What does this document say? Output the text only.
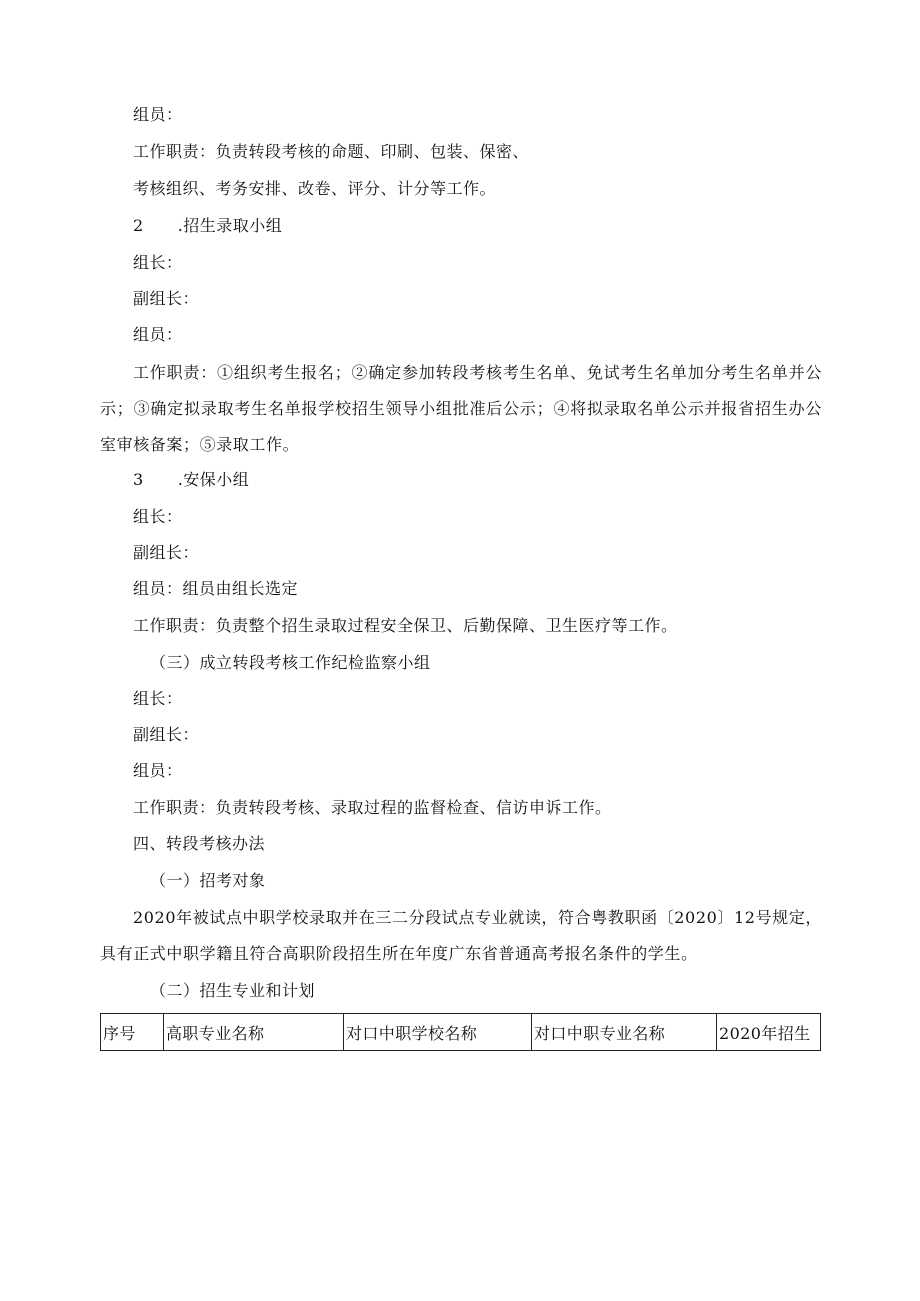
组员：
工作职责：负责转段考核的命题、印刷、包装、保密、
考核组织、考务安排、改卷、评分、计分等工作。
2	.招生录取小组
组长：
副组长：
组员：
工作职责：①组织考生报名；②确定参加转段考核考生名单、免试考生名单加分考生名单并公示；③确定拟录取考生名单报学校招生领导小组批准后公示；④将拟录取名单公示并报省招生办公室审核备案；⑤录取工作。
3	.安保小组
组长：
副组长：
组员：组员由组长选定
工作职责：负责整个招生录取过程安全保卫、后勤保障、卫生医疗等工作。
（三）成立转段考核工作纪检监察小组
组长：
副组长：
组员：
工作职责：负责转段考核、录取过程的监督检查、信访申诉工作。
四、转段考核办法
（一）招考对象
2020年被试点中职学校录取并在三二分段试点专业就读，符合粤教职函〔2020〕12号规定，具有正式中职学籍且符合高职阶段招生所在年度广东省普通高考报名条件的学生。
（二）招生专业和计划
序号	高职专业名称	对口中职学校名称	对口中职专业名称	2020年招生
